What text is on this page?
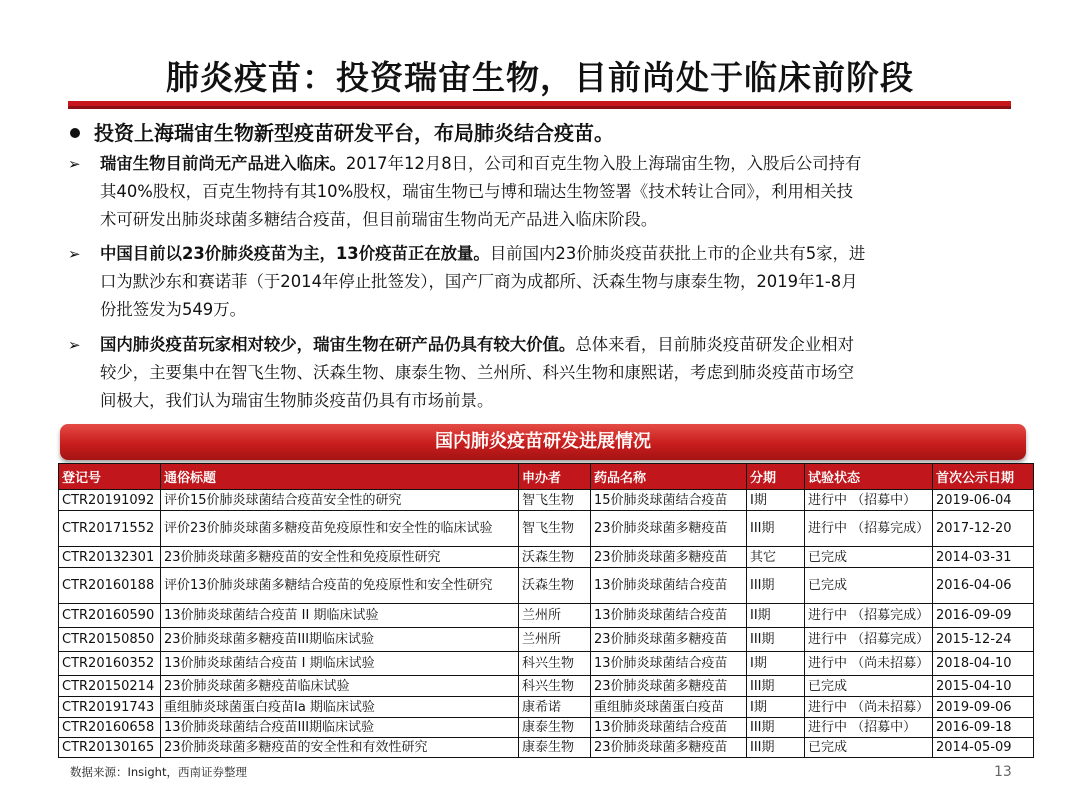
肺炎疫苗：投资瑞宙生物，目前尚处于临床前阶段
投资上海瑞宙生物新型疫苗研发平台，布局肺炎结合疫苗。
➢ 瑞宙生物目前尚无产品进入临床。2017年12月8日，公司和百克生物入股上海瑞宙生物，入股后公司持有
其40%股权，百克生物持有其10%股权，瑞宙生物已与博和瑞达生物签署《技术转让合同》，利用相关技
术可研发出肺炎球菌多糖结合疫苗，但目前瑞宙生物尚无产品进入临床阶段。
➢ 中国目前以23价肺炎疫苗为主，13价疫苗正在放量。目前国内23价肺炎疫苗获批上市的企业共有5家，进
口为默沙东和赛诺菲（于2014年停止批签发），国产厂商为成都所、沃森生物与康泰生物，2019年1-8月
份批签发为549万。
➢ 国内肺炎疫苗玩家相对较少，瑞宙生物在研产品仍具有较大价值。总体来看，目前肺炎疫苗研发企业相对
较少，主要集中在智飞生物、沃森生物、康泰生物、兰州所、科兴生物和康熙诺，考虑到肺炎疫苗市场空
间极大，我们认为瑞宙生物肺炎疫苗仍具有市场前景。
国内肺炎疫苗研发进展情况
登记号	通俗标题	申办者	药品名称	分期	试验状态	首次公示日期
CTR20191092	评价15价肺炎球菌结合疫苗安全性的研究	智飞生物	15价肺炎球菌结合疫苗	I期	进行中 （招募中）	2019-06-04
CTR20171552	评价23价肺炎球菌多糖疫苗免疫原性和安全性的临床试验	智飞生物	23价肺炎球菌多糖疫苗	III期	进行中 （招募完成）	2017-12-20
CTR20132301	23价肺炎球菌多糖疫苗的安全性和免疫原性研究	沃森生物	23价肺炎球菌多糖疫苗	其它	已完成	2014-03-31
CTR20160188	评价13价肺炎球菌多糖结合疫苗的免疫原性和安全性研究	沃森生物	13价肺炎球菌结合疫苗	III期	已完成	2016-04-06
CTR20160590	13价肺炎球菌结合疫苗 II 期临床试验	兰州所	13价肺炎球菌结合疫苗	II期	进行中 （招募完成）	2016-09-09
CTR20150850	23价肺炎球菌多糖疫苗III期临床试验	兰州所	23价肺炎球菌多糖疫苗	III期	进行中 （招募完成）	2015-12-24
CTR20160352	13价肺炎球菌结合疫苗 I 期临床试验	科兴生物	13价肺炎球菌结合疫苗	I期	进行中 （尚未招募）	2018-04-10
CTR20150214	23价肺炎球菌多糖疫苗临床试验	科兴生物	23价肺炎球菌多糖疫苗	III期	已完成	2015-04-10
CTR20191743	重组肺炎球菌蛋白疫苗Ia 期临床试验	康希诺	重组肺炎球菌蛋白疫苗	I期	进行中 （尚未招募）	2019-09-06
CTR20160658	13价肺炎球菌结合疫苗III期临床试验	康泰生物	13价肺炎球菌结合疫苗	III期	进行中 （招募中）	2016-09-18
CTR20130165	23价肺炎球菌多糖疫苗的安全性和有效性研究	康泰生物	23价肺炎球菌多糖疫苗	III期	已完成	2014-05-09
数据来源：Insight，西南证券整理	13
